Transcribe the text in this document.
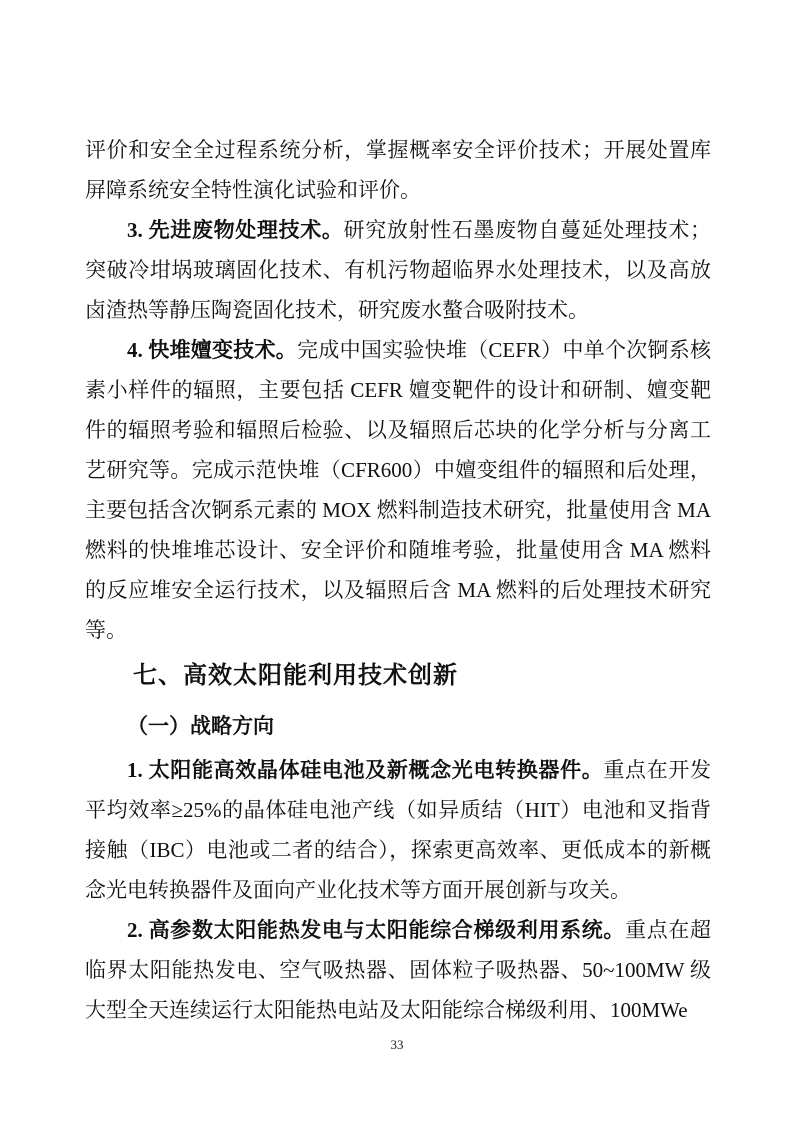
评价和安全全过程系统分析，掌握概率安全评价技术；开展处置库屏障系统安全特性演化试验和评价。

3. 先进废物处理技术。研究放射性石墨废物自蔓延处理技术；突破冷坩埚玻璃固化技术、有机污物超临界水处理技术，以及高放卤渣热等静压陶瓷固化技术，研究废水螯合吸附技术。

4. 快堆嬗变技术。完成中国实验快堆（CEFR）中单个次锕系核素小样件的辐照，主要包括 CEFR 嬗变靶件的设计和研制、嬗变靶件的辐照考验和辐照后检验、以及辐照后芯块的化学分析与分离工艺研究等。完成示范快堆（CFR600）中嬗变组件的辐照和后处理，主要包括含次锕系元素的 MOX 燃料制造技术研究，批量使用含 MA 燃料的快堆堆芯设计、安全评价和随堆考验，批量使用含 MA 燃料的反应堆安全运行技术，以及辐照后含 MA 燃料的后处理技术研究等。

七、高效太阳能利用技术创新
（一）战略方向

1. 太阳能高效晶体硅电池及新概念光电转换器件。重点在开发平均效率≥25%的晶体硅电池产线（如异质结（HIT）电池和叉指背接触（IBC）电池或二者的结合），探索更高效率、更低成本的新概念光电转换器件及面向产业化技术等方面开展创新与攻关。

2. 高参数太阳能热发电与太阳能综合梯级利用系统。重点在超临界太阳能热发电、空气吸热器、固体粒子吸热器、50~100MW 级大型全天连续运行太阳能热电站及太阳能综合梯级利用、100MWe

33
